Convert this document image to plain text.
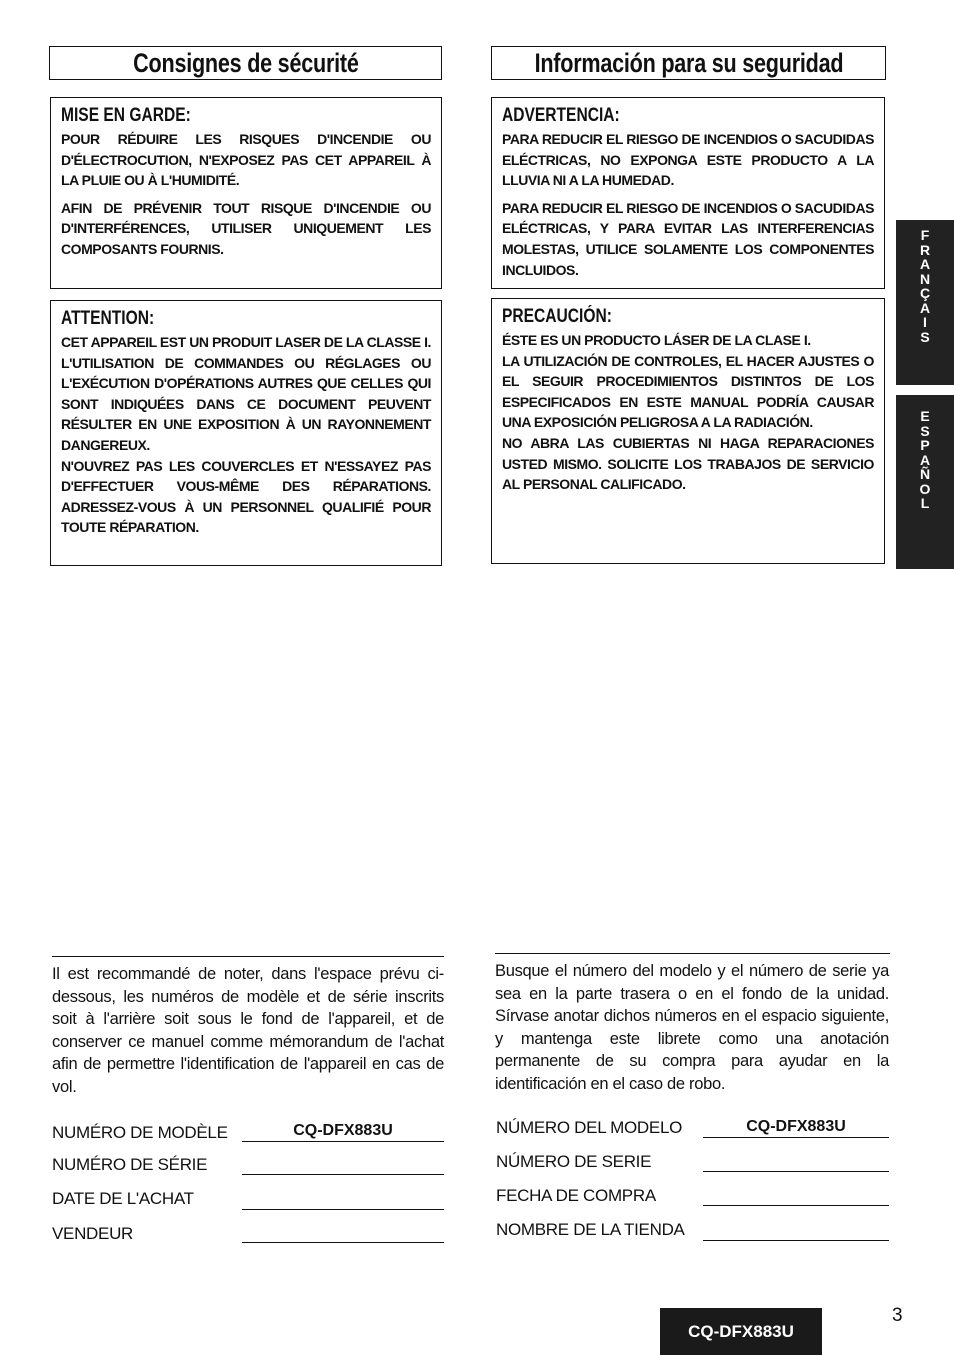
Consignes de sécurité	Información para su seguridad
MISE EN GARDE:

POUR RÉDUIRE LES RISQUES D'INCENDIE OU D'ÉLECTROCUTION, N'EXPOSEZ PAS CET APPAREIL À LA PLUIE OU À L'HUMIDITÉ.

AFIN DE PRÉVENIR TOUT RISQUE D'INCENDIE OU D'INTERFÉRENCES, UTILISER UNIQUEMENT LES COMPOSANTS FOURNIS.

ADVERTENCIA:

PARA REDUCIR EL RIESGO DE INCENDIOS O SACUDIDAS ELÉCTRICAS, NO EXPONGA ESTE PRODUCTO A LA LLUVIA NI A LA HUMEDAD.

PARA REDUCIR EL RIESGO DE INCENDIOS O SACUDIDAS ELÉCTRICAS, Y PARA EVITAR LAS INTERFERENCIAS MOLESTAS, UTILICE SOLAMENTE LOS COMPONENTES INCLUIDOS.

ATTENTION:

CET APPAREIL EST UN PRODUIT LASER DE LA CLASSE I.

L'UTILISATION DE COMMANDES OU RÉGLAGES OU L'EXÉCUTION D'OPÉRATIONS AUTRES QUE CELLES QUI SONT INDIQUÉES DANS CE DOCUMENT PEUVENT RÉSULTER EN UNE EXPOSITION À UN RAYONNEMENT DANGEREUX.

N'OUVREZ PAS LES COUVERCLES ET N'ESSAYEZ PAS D'EFFECTUER VOUS-MÊME DES RÉPARATIONS. ADRESSEZ-VOUS À UN PERSONNEL QUALIFIÉ POUR TOUTE RÉPARATION.

PRECAUCIÓN:

ÉSTE ES UN PRODUCTO LÁSER DE LA CLASE I.

LA UTILIZACIÓN DE CONTROLES, EL HACER AJUSTES O EL SEGUIR PROCEDIMIENTOS DISTINTOS DE LOS ESPECIFICADOS EN ESTE MANUAL PODRÍA CAUSAR UNA EXPOSICIÓN PELIGROSA A LA RADIACIÓN.

NO ABRA LAS CUBIERTAS NI HAGA REPARACIONES USTED MISMO. SOLICITE LOS TRABAJOS DE SERVICIO AL PERSONAL CALIFICADO.

F
R
A
N
Ç
A
I
S
E
S
P
A
Ñ
O
L
Il est recommandé de noter, dans l'espace prévu ci-dessous, les numéros de modèle et de série inscrits soit à l'arrière soit sous le fond de l'appareil, et de conserver ce manuel comme mémorandum de l'achat afin de permettre l'identification de l'appareil en cas de vol.
Busque el número del modelo y el número de serie ya sea en la parte trasera o en el fondo de la unidad. Sírvase anotar dichos números en el espacio siguiente, y mantenga este librete como una anotación permanente de su compra para ayudar en la identificación en el caso de robo.
NUMÉRO DE MODÈLE	CQ-DFX883U
NUMÉRO DE SÉRIE
DATE DE L'ACHAT
VENDEUR
NÚMERO DEL MODELO	CQ-DFX883U
NÚMERO DE SERIE
FECHA DE COMPRA
NOMBRE DE LA TIENDA
CQ-DFX883U
3
